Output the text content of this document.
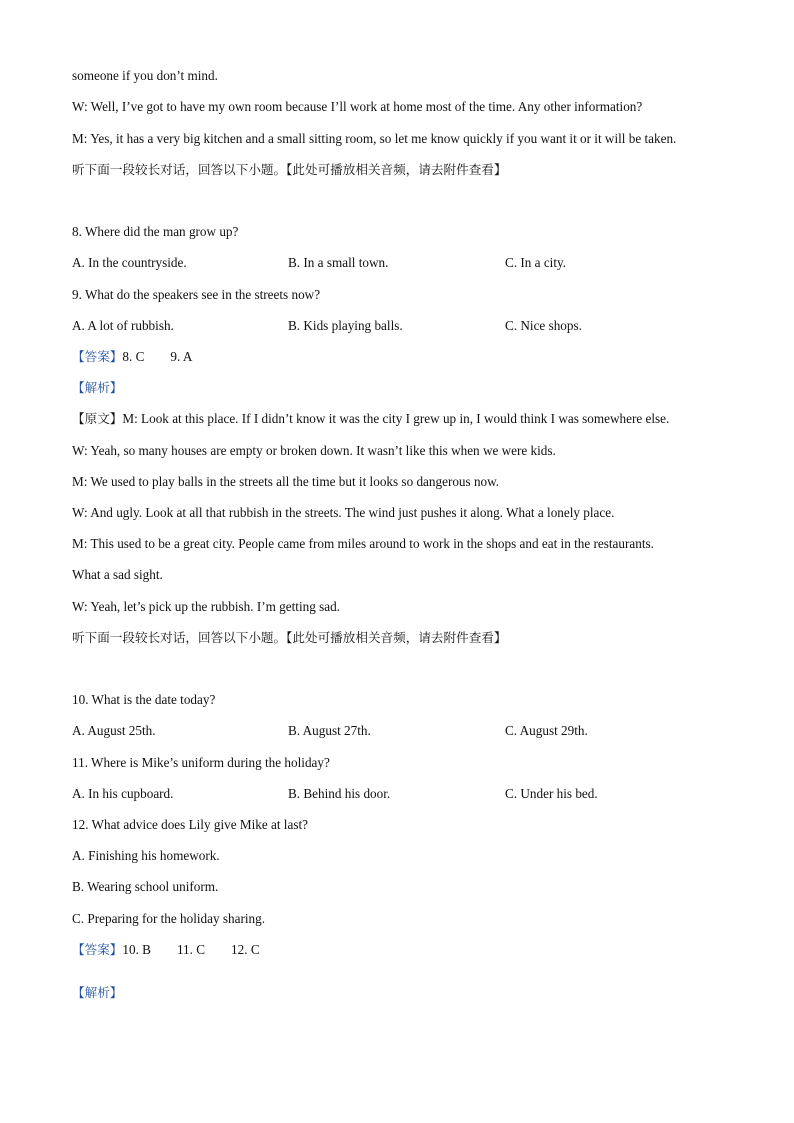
someone if you don’t mind.
W: Well, I’ve got to have my own room because I’ll work at home most of the time. Any other information?
M: Yes, it has a very big kitchen and a small sitting room, so let me know quickly if you want it or it will be taken.
听下面一段较长对话，回答以下小题。【此处可播放相关音频，请去附件查看】
8. Where did the man grow up?
A. In the countryside.	B. In a small town.	C. In a city.
9. What do the speakers see in the streets now?
A. A lot of rubbish.	B. Kids playing balls.	C. Nice shops.
【答案】8. C 9. A
【解析】
【原文】M: Look at this place. If I didn’t know it was the city I grew up in, I would think I was somewhere else.
W: Yeah, so many houses are empty or broken down. It wasn’t like this when we were kids.
M: We used to play balls in the streets all the time but it looks so dangerous now.
W: And ugly. Look at all that rubbish in the streets. The wind just pushes it along. What a lonely place.
M: This used to be a great city. People came from miles around to work in the shops and eat in the restaurants.
What a sad sight.
W: Yeah, let’s pick up the rubbish. I’m getting sad.
听下面一段较长对话，回答以下小题。【此处可播放相关音频，请去附件查看】
10. What is the date today?
A. August 25th.	B. August 27th.	C. August 29th.
11. Where is Mike’s uniform during the holiday?
A. In his cupboard.	B. Behind his door.	C. Under his bed.
12. What advice does Lily give Mike at last?
A. Finishing his homework.
B. Wearing school uniform.
C. Preparing for the holiday sharing.
【答案】10. B 11. C 12. C
【解析】
